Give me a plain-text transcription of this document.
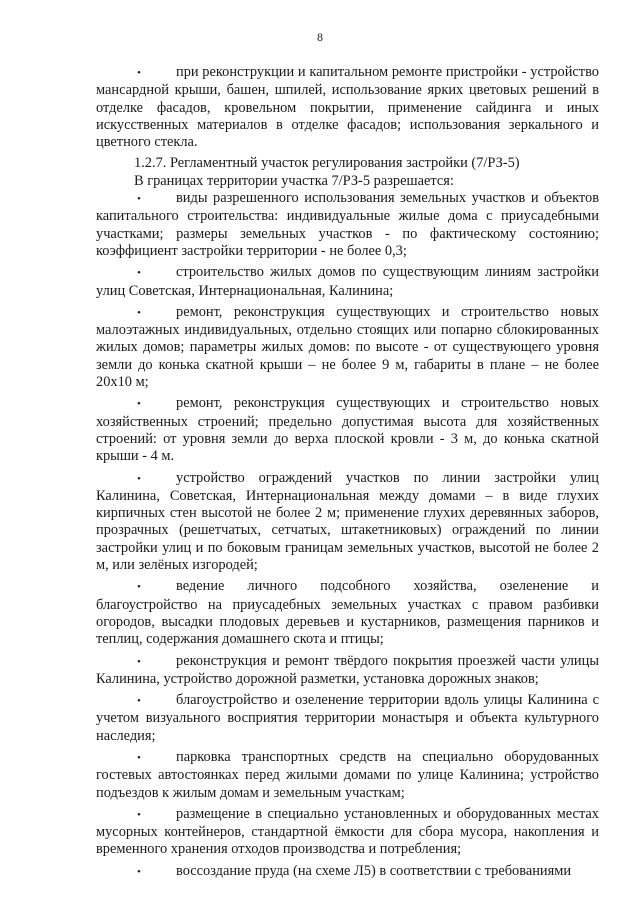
8

• при реконструкции и капитальном ремонте пристройки - устройство мансардной крыши, башен, шпилей, использование ярких цветовых решений в отделке фасадов, кровельном покрытии, применение сайдинга и иных искусственных материалов в отделке фасадов; использования зеркального и цветного стекла.

1.2.7. Регламентный участок регулирования застройки (7/РЗ-5)

В границах территории участка 7/РЗ-5 разрешается:

• виды разрешенного использования земельных участков и объектов капитального строительства: индивидуальные жилые дома с приусадебными участками; размеры земельных участков - по фактическому состоянию; коэффициент застройки территории - не более 0,3;

• строительство жилых домов по существующим линиям застройки улиц Советская, Интернациональная, Калинина;

• ремонт, реконструкция существующих и строительство новых малоэтажных индивидуальных, отдельно стоящих или попарно сблокированных жилых домов; параметры жилых домов: по высоте - от существующего уровня земли до конька скатной крыши – не более 9 м, габариты в плане – не более 20х10 м;

• ремонт, реконструкция существующих и строительство новых хозяйственных строений; предельно допустимая высота для хозяйственных строений: от уровня земли до верха плоской кровли - 3 м, до конька скатной крыши - 4 м.

• устройство ограждений участков по линии застройки улиц Калинина, Советская, Интернациональная между домами – в виде глухих кирпичных стен высотой не более 2 м; применение глухих деревянных заборов, прозрачных (решетчатых, сетчатых, штакетниковых) ограждений по линии застройки улиц и по боковым границам земельных участков, высотой не более 2 м, или зелёных изгородей;

• ведение личного подсобного хозяйства, озеленение и благоустройство на приусадебных земельных участках с правом разбивки огородов, высадки плодовых деревьев и кустарников, размещения парников и теплиц, содержания домашнего скота и птицы;

• реконструкция и ремонт твёрдого покрытия проезжей части улицы Калинина, устройство дорожной разметки, установка дорожных знаков;

• благоустройство и озеленение территории вдоль улицы Калинина с учетом визуального восприятия территории монастыря и объекта культурного наследия;

• парковка транспортных средств на специально оборудованных гостевых автостоянках перед жилыми домами по улице Калинина; устройство подъездов к жилым домам и земельным участкам;

• размещение в специально установленных и оборудованных местах мусорных контейнеров, стандартной ёмкости для сбора мусора, накопления и временного хранения отходов производства и потребления;

• воссоздание пруда (на схеме Л5) в соответствии с требованиями
